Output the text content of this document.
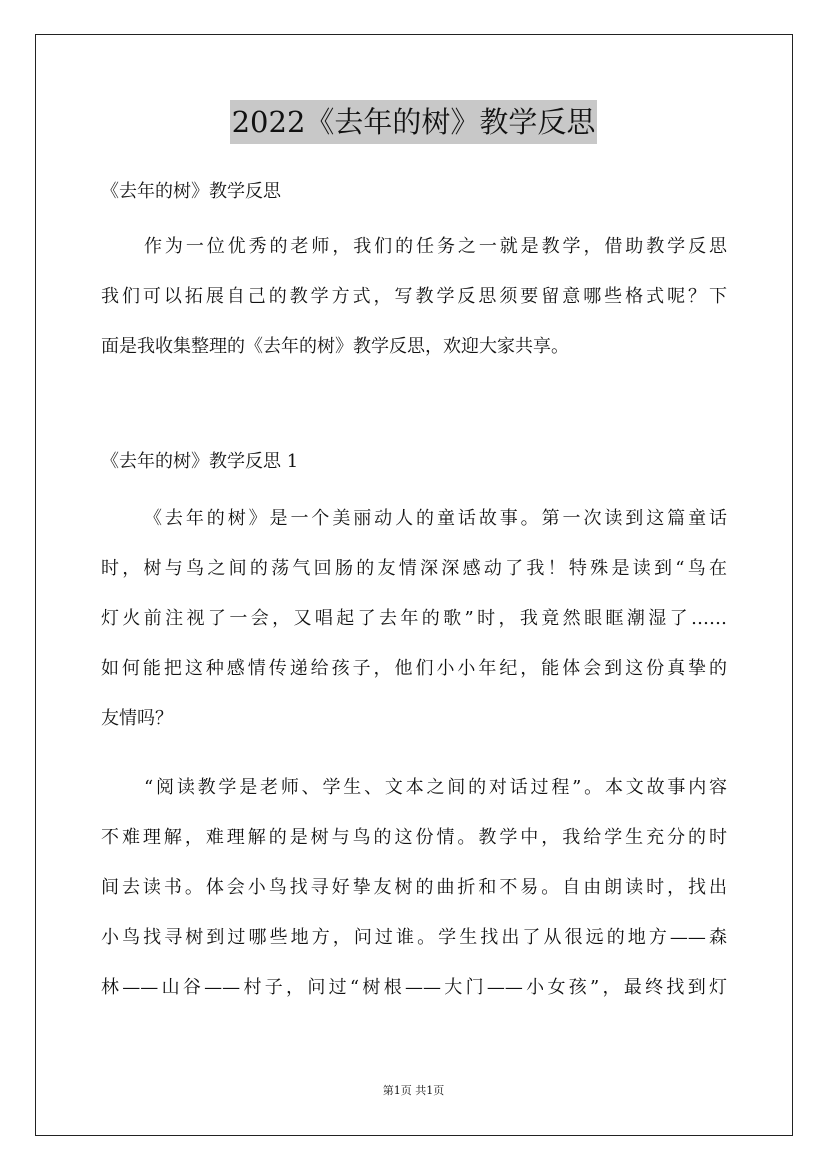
2022《去年的树》教学反思
《去年的树》教学反思
作为一位优秀的老师，我们的任务之一就是教学，借助教学反思
我们可以拓展自己的教学方式，写教学反思须要留意哪些格式呢？下
面是我收集整理的《去年的树》教学反思，欢迎大家共享。
《去年的树》教学反思 1
《去年的树》是一个美丽动人的童话故事。第一次读到这篇童话
时，树与鸟之间的荡气回肠的友情深深感动了我！特殊是读到“鸟在
灯火前注视了一会，又唱起了去年的歌”时，我竟然眼眶潮湿了……
如何能把这种感情传递给孩子，他们小小年纪，能体会到这份真挚的
友情吗？
“阅读教学是老师、学生、文本之间的对话过程”。本文故事内容
不难理解，难理解的是树与鸟的这份情。教学中，我给学生充分的时
间去读书。体会小鸟找寻好挚友树的曲折和不易。自由朗读时，找出
小鸟找寻树到过哪些地方，问过谁。学生找出了从很远的地方——森
林——山谷——村子，问过“树根——大门——小女孩”，最终找到灯
第1页 共1页
